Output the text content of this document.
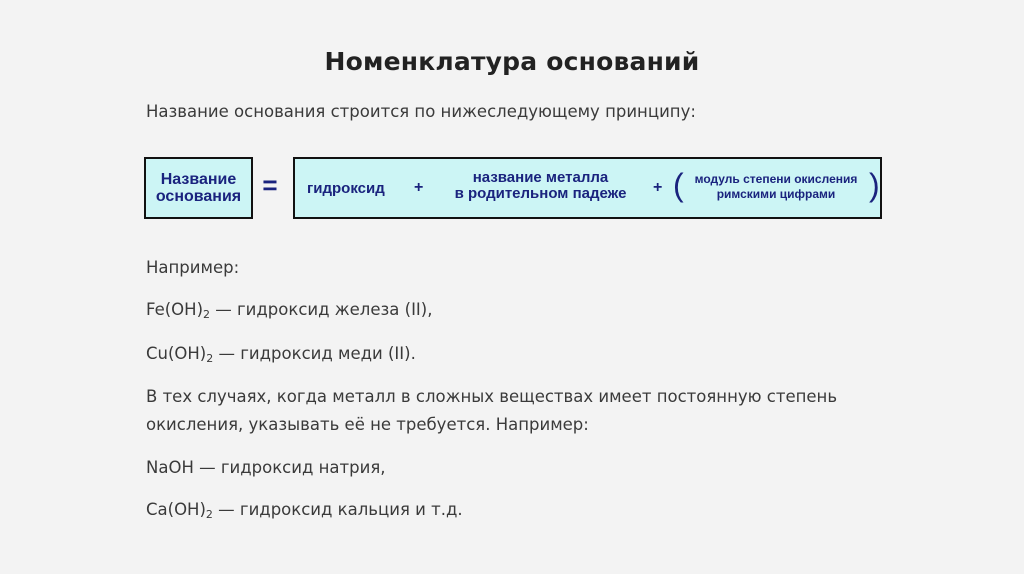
Номенклатура оснований
Название основания строится по нижеследующему принципу:
Название
основания = гидроксид +
название металла
в родительном падеже	+ ( модуль степени окисления
римскими цифрами	)
Например:
$Fe(OH)_2$ — гидроксид железа (II),
$Cu(OH)_2$ — гидроксид меди (II).
В тех случаях, когда металл в сложных веществах имеет постоянную степень окисления, указывать её не требуется. Например:
NaOH — гидроксид натрия,
$Ca(OH)_2$ — гидроксид кальция и т.д.
